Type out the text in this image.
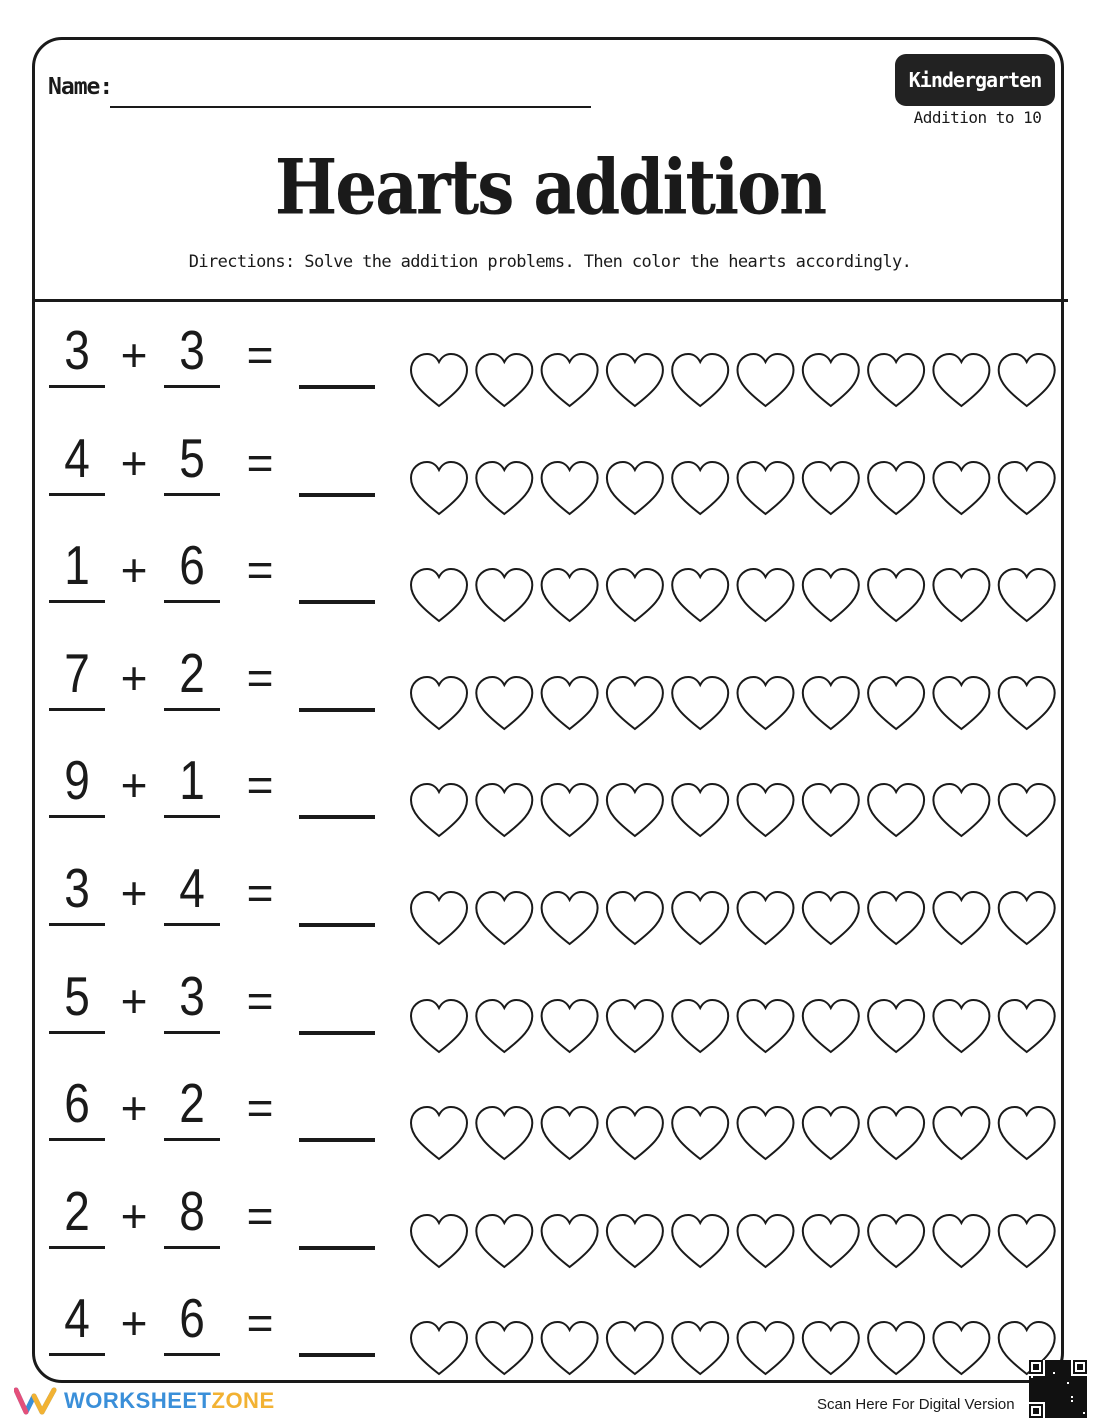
Name:	Kindergarten
Addition to 10
Hearts addition
Directions: Solve the addition problems. Then color the hearts accordingly.
3 + 3 =
4 + 5 =
1 + 6 =
7 + 2 =
9 + 1 =
3 + 4 =
5 + 3 =
6 + 2 =
2 + 8 =
4 + 6 =
WORKSHEETZONE	Scan Here For Digital Version
